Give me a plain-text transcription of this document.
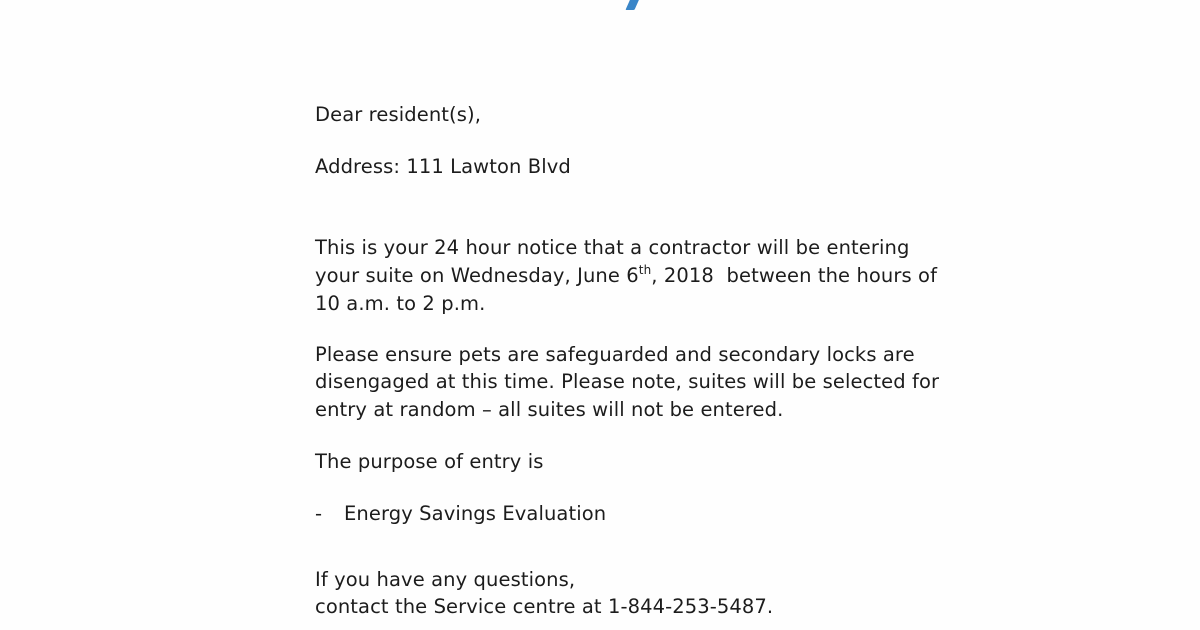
Dear resident(s),
Address: 111 Lawton Blvd
This is your 24 hour notice that a contractor will be entering
your suite on Wednesday, June 6th, 2018  between the hours of
10 a.m. to 2 p.m.
Please ensure pets are safeguarded and secondary locks are
disengaged at this time. Please note, suites will be selected for
entry at random – all suites will not be entered.
The purpose of entry is
- Energy Savings Evaluation
If you have any questions,
contact the Service centre at 1-844-253-5487.
